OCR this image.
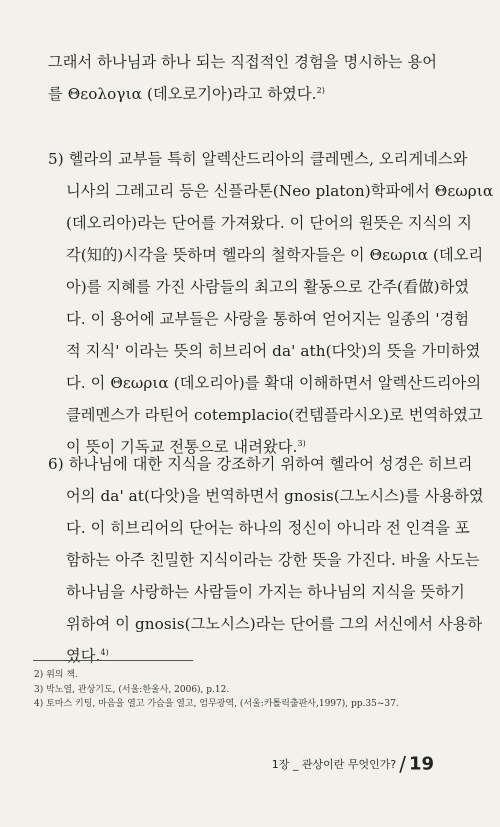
그래서 하나님과 하나 되는 직접적인 경험을 명시하는 용어
를 Θεολογια (데오로기아)라고 하였다.$^{2)}$
5) 헬라의 교부들 특히 알렉산드리아의 클레멘스, 오리게네스와
니사의 그레고리 등은 신플라톤(Neo platon)학파에서 Θεωρια
(데오리아)라는 단어를 가져왔다. 이 단어의 원뜻은 지식의 지
각(知的)시각을 뜻하며 헬라의 철학자들은 이 Θεωρια (데오리
아)를 지혜를 가진 사람들의 최고의 활동으로 간주(看做)하였
다. 이 용어에 교부들은 사랑을 통하여 얻어지는 일종의 '경험
적 지식' 이라는 뜻의 히브리어 da' ath(다앗)의 뜻을 가미하였
다. 이 Θεωρια (데오리아)를 확대 이해하면서 알렉산드리아의
클레멘스가 라틴어 cotemplacio(컨템플라시오)로 번역하였고
이 뜻이 기독교 전통으로 내려왔다.$^{3)}$
6) 하나님에 대한 지식을 강조하기 위하여 헬라어 성경은 히브리
어의 da' at(다앗)을 번역하면서 gnosis(그노시스)를 사용하였
다. 이 히브리어의 단어는 하나의 정신이 아니라 전 인격을 포
함하는 아주 친밀한 지식이라는 강한 뜻을 가진다. 바울 사도는
하나님을 사랑하는 사람들이 가지는 하나님의 지식을 뜻하기
위하여 이 gnosis(그노시스)라는 단어를 그의 서신에서 사용하
였다.$^{4)}$
2) 위의 책.
3) 박노열, 관상기도, (서울:한울사, 2006), p.12.
4) 토마스 키팅, 마음을 열고 가슴을 열고, 엄무광역, (서울:카톨릭출판사,1997), pp.35~37.
1장 _ 관상이란 무엇인가? / 19
